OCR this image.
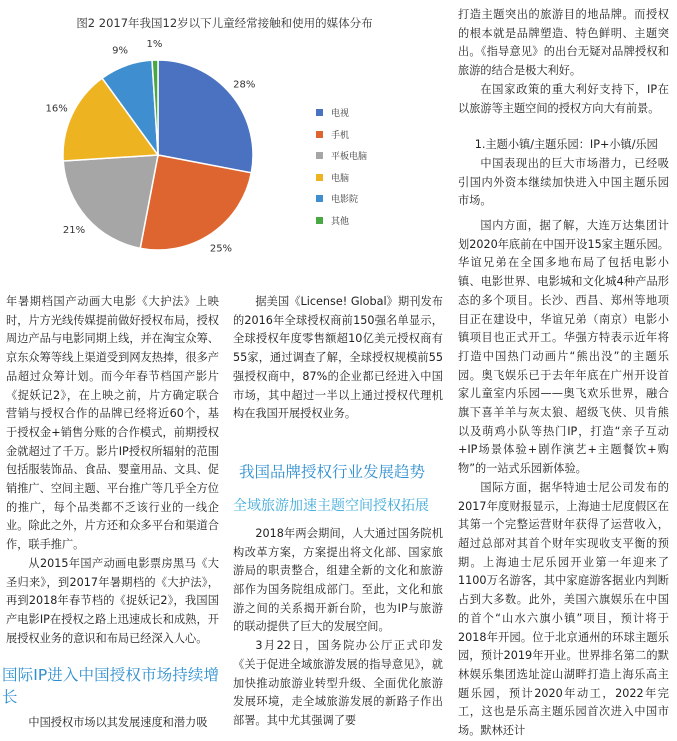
图2 2017年我国12岁以下儿童经常接触和使用的媒体分布
28%
25%
21%
16%
9%
1%
电视
手机
平板电脑
电脑
电影院
其他

年暑期档国产动画大电影《大护法》上映时，片方光线传媒提前做好授权布局，授权周边产品与电影同期上线，并在淘宝众筹、京东众筹等线上渠道受到网友热捧，很多产品超过众筹计划。而今年春节档国产影片《捉妖记2》，在上映之前，片方确定联合营销与授权合作的品牌已经将近60个，基于授权金+销售分账的合作模式，前期授权金就超过了千万。影片IP授权所辐射的范围包括服装饰品、食品、婴童用品、文具、促销推广、空间主题、平台推广等几乎全方位的推广，每个品类都不乏该行业的一线企业。除此之外，片方还和众多平台和渠道合作，联手推广。

从2015年国产动画电影票房黑马《大圣归来》，到2017年暑期档的《大护法》，再到2018年春节档的《捉妖记2》，我国国产电影IP在授权之路上迅速成长和成熟，开展授权业务的意识和布局已经深入人心。

国际IP进入中国授权市场持续增长

中国授权市场以其发展速度和潜力吸

据美国《License! Global》期刊发布的2016年全球授权商前150强名单显示，全球授权年度零售额超10亿美元授权商有55家，通过调查了解，全球授权规模前55强授权商中，87%的企业都已经进入中国市场，其中超过一半以上通过授权代理机构在我国开展授权业务。

我国品牌授权行业发展趋势

全域旅游加速主题空间授权拓展

2018年两会期间，人大通过国务院机构改革方案，方案提出将文化部、国家旅游局的职责整合，组建全新的文化和旅游部作为国务院组成部门。至此，文化和旅游之间的关系揭开新台阶，也为IP与旅游的联动提供了巨大的发展空间。

3月22日，国务院办公厅正式印发《关于促进全域旅游发展的指导意见》，就加快推动旅游业转型升级、全面优化旅游发展环境，走全域旅游发展的新路子作出部署。其中尤其强调了要

打造主题突出的旅游目的地品牌。而授权的根本就是品牌塑造、特色鲜明、主题突出。《指导意见》的出台无疑对品牌授权和旅游的结合是极大利好。

在国家政策的重大利好支持下，IP在以旅游等主题空间的授权方向大有前景。

1.主题小镇/主题乐园：IP+小镇/乐园

中国表现出的巨大市场潜力，已经吸引国内外资本继续加快进入中国主题乐园市场。

国内方面，据了解，大连万达集团计划2020年底前在中国开设15家主题乐园。华谊兄弟在全国多地布局了包括电影小镇、电影世界、电影城和文化城4种产品形态的多个项目。长沙、西昌、郑州等地项目正在建设中，华谊兄弟（南京）电影小镇项目也正式开工。华强方特表示近年将打造中国热门动画片“熊出没”的主题乐园。奥飞娱乐已于去年年底在广州开设首家儿童室内乐园——奥飞欢乐世界，融合旗下喜羊羊与灰太狼、超级飞侠、贝肯熊以及萌鸡小队等热门IP，打造“亲子互动+IP场景体验+剧作演艺+主题餐饮+购物”的一站式乐园新体验。

国际方面，据华特迪士尼公司发布的2017年度财报显示，上海迪士尼度假区在其第一个完整运营财年获得了运营收入，超过总部对其首个财年实现收支平衡的预期。上海迪士尼乐园开业第一年迎来了1100万名游客，其中家庭游客据业内判断占到大多数。此外，美国六旗娱乐在中国的首个“山水六旗小镇”项目，预计将于2018年开园。位于北京通州的环球主题乐园，预计2019年开业。世界排名第二的默林娱乐集团选址淀山湖畔打造上海乐高主题乐园，预计2020年动工，2022年完工，这也是乐高主题乐园首次进入中国市场。默林还计
